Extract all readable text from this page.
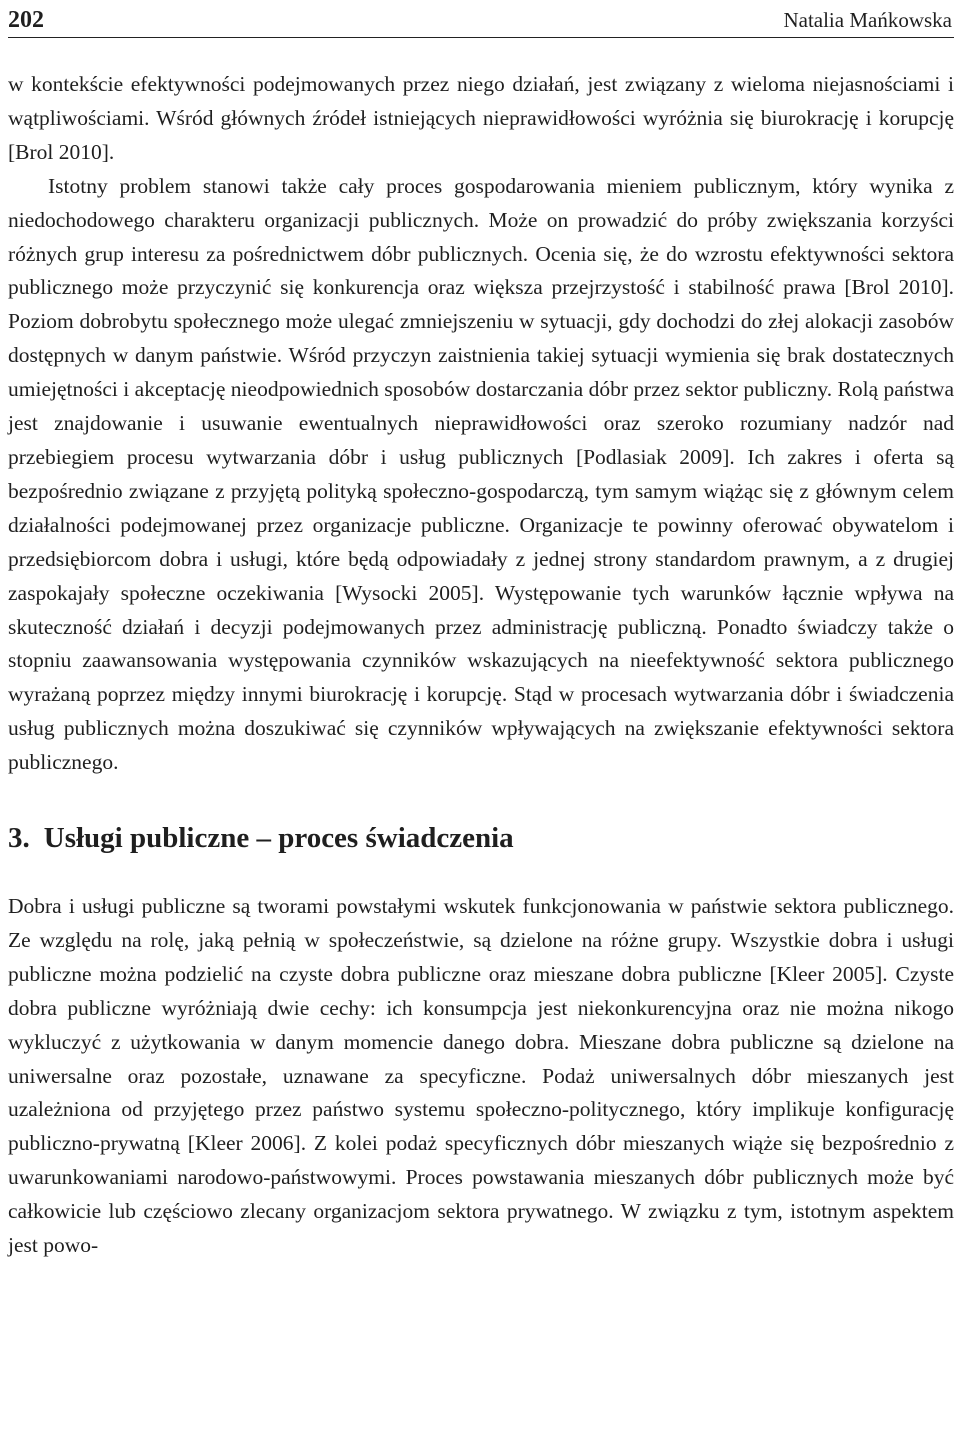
202	Natalia Mańkowska

w kontekście efektywności podejmowanych przez niego działań, jest związany z wieloma niejasnościami i wątpliwościami. Wśród głównych źródeł istniejących nieprawidłowości wyróżnia się biurokrację i korupcję [Brol 2010].

Istotny problem stanowi także cały proces gospodarowania mieniem publicznym, który wynika z niedochodowego charakteru organizacji publicznych. Może on prowadzić do próby zwiększania korzyści różnych grup interesu za pośrednictwem dóbr publicznych. Ocenia się, że do wzrostu efektywności sektora publicznego może przyczynić się konkurencja oraz większa przejrzystość i stabilność prawa [Brol 2010]. Poziom dobrobytu społecznego może ulegać zmniejszeniu w sytuacji, gdy dochodzi do złej alokacji zasobów dostępnych w danym państwie. Wśród przyczyn zaistnienia takiej sytuacji wymienia się brak dostatecznych umiejętności i akceptację nieodpowiednich sposobów dostarczania dóbr przez sektor publiczny. Rolą państwa jest znajdowanie i usuwanie ewentualnych nieprawidłowości oraz szeroko rozumiany nadzór nad przebiegiem procesu wytwarzania dóbr i usług publicznych [Podlasiak 2009]. Ich zakres i oferta są bezpośrednio związane z przyjętą polityką społeczno-gospodarczą, tym samym wiążąc się z głównym celem działalności podejmowanej przez organizacje publiczne. Organizacje te powinny oferować obywatelom i przedsiębiorcom dobra i usługi, które będą odpowiadały z jednej strony standardom prawnym, a z drugiej zaspokajały społeczne oczekiwania [Wysocki 2005]. Występowanie tych warunków łącznie wpływa na skuteczność działań i decyzji podejmowanych przez administrację publiczną. Ponadto świadczy także o stopniu zaawansowania występowania czynników wskazujących na nieefektywność sektora publicznego wyrażaną poprzez między innymi biurokrację i korupcję. Stąd w procesach wytwarzania dóbr i świadczenia usług publicznych można doszukiwać się czynników wpływających na zwiększanie efektywności sektora publicznego.

3. Usługi publiczne – proces świadczenia

Dobra i usługi publiczne są tworami powstałymi wskutek funkcjonowania w państwie sektora publicznego. Ze względu na rolę, jaką pełnią w społeczeństwie, są dzielone na różne grupy. Wszystkie dobra i usługi publiczne można podzielić na czyste dobra publiczne oraz mieszane dobra publiczne [Kleer 2005]. Czyste dobra publiczne wyróżniają dwie cechy: ich konsumpcja jest niekonkurencyjna oraz nie można nikogo wykluczyć z użytkowania w danym momencie danego dobra. Mieszane dobra publiczne są dzielone na uniwersalne oraz pozostałe, uznawane za specyficzne. Podaż uniwersalnych dóbr mieszanych jest uzależniona od przyjętego przez państwo systemu społeczno-politycznego, który implikuje konfigurację publiczno-prywatną [Kleer 2006]. Z kolei podaż specyficznych dóbr mieszanych wiąże się bezpośrednio z uwarunkowaniami narodowo-państwowymi. Proces powstawania mieszanych dóbr publicznych może być całkowicie lub częściowo zlecany organizacjom sektora prywatnego. W związku z tym, istotnym aspektem jest powo-
